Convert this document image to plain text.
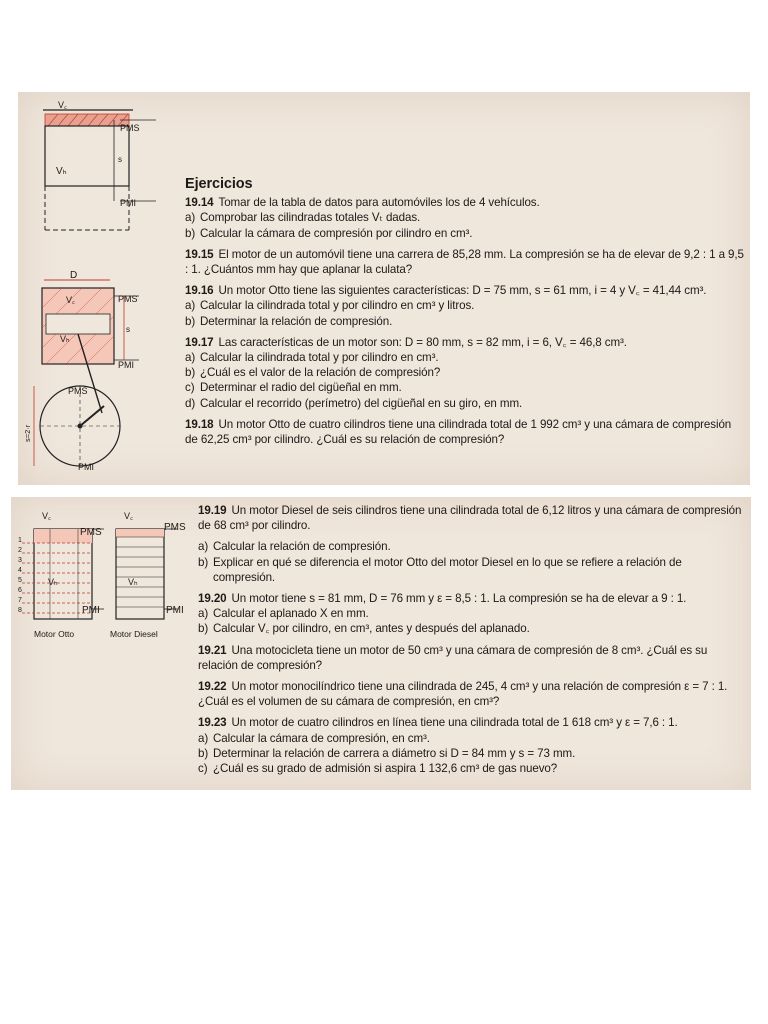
V꜀
Vₕ
s
PMS
PMI
D
V꜀
Vₕ
s
PMS
PMI
s=2·r
PMS
PMI
Ejercicios
19.14 Tomar de la tabla de datos para automóviles los de 4 vehículos.
a) Comprobar las cilindradas totales Vₜ dadas.
b) Calcular la cámara de compresión por cilindro en cm³.
19.15 El motor de un automóvil tiene una carrera de 85,28 mm. La compresión se ha de elevar de 9,2 : 1 a 9,5 : 1. ¿Cuántos mm hay que aplanar la culata?
19.16 Un motor Otto tiene las siguientes características: D = 75 mm, s = 61 mm, i = 4 y V꜀ = 41,44 cm³.
a) Calcular la cilindrada total y por cilindro en cm³ y litros.
b) Determinar la relación de compresión.
19.17 Las características de un motor son: D = 80 mm, s = 82 mm, i = 6, V꜀ = 46,8 cm³.
a) Calcular la cilindrada total y por cilindro en cm³.
b) ¿Cuál es el valor de la relación de compresión?
c) Determinar el radio del cigüeñal en mm.
d) Calcular el recorrido (perímetro) del cigüeñal en su giro, en mm.
19.18 Un motor Otto de cuatro cilindros tiene una cilindrada total de 1 992 cm³ y una cámara de compresión de 62,25 cm³ por cilindro. ¿Cuál es su relación de compresión?
V꜀	V꜀
Vₕ	Vₕ
PMS	PMS
PMI	PMI
1
2
3
4
5
6
7
8
Motor Otto	Motor Diesel
19.19 Un motor Diesel de seis cilindros tiene una cilindrada total de 6,12 litros y una cámara de compresión de 68 cm³ por cilindro.
a) Calcular la relación de compresión.
b) Explicar en qué se diferencia el motor Otto del motor Diesel en lo que se refiere a relación de compresión.
19.20 Un motor tiene s = 81 mm, D = 76 mm y ε = 8,5 : 1. La compresión se ha de elevar a 9 : 1.
a) Calcular el aplanado X en mm.
b) Calcular V꜀ por cilindro, en cm³, antes y después del aplanado.
19.21 Una motocicleta tiene un motor de 50 cm³ y una cámara de compresión de 8 cm³. ¿Cuál es su relación de compresión?
19.22 Un motor monocilíndrico tiene una cilindrada de 245, 4 cm³ y una relación de compresión ε = 7 : 1. ¿Cuál es el volumen de su cámara de compresión, en cm³?
19.23 Un motor de cuatro cilindros en línea tiene una cilindrada total de 1 618 cm³ y ε = 7,6 : 1.
a) Calcular la cámara de compresión, en cm³.
b) Determinar la relación de carrera a diámetro si D = 84 mm y s = 73 mm.
c) ¿Cuál es su grado de admisión si aspira 1 132,6 cm³ de gas nuevo?
